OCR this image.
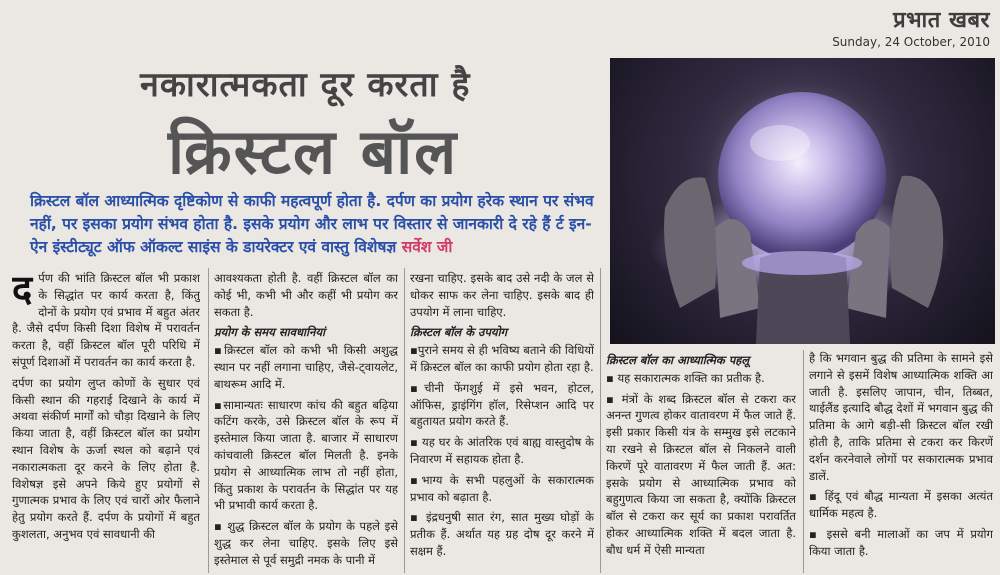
प्रभात खबर
Sunday, 24 October, 2010
नकारात्मकता दूर करता है
क्रिस्टल बॉल
क्रिस्टल बॉल आध्यात्मिक दृष्टिकोण से काफी महत्वपूर्ण होता है. दर्पण का प्रयोग हरेक स्थान पर संभव नहीं, पर इसका प्रयोग संभव होता है. इसके प्रयोग और लाभ पर विस्तार से जानकारी दे रहे हैं र्ट इन-ऐन इंस्टीट्यूट ऑफ ऑकल्ट साइंस के डायरेक्टर एवं वास्तु विशेषज्ञ सर्वेश जी
द र्पण की भांति क्रिस्टल बॉल भी प्रकाश के सिद्धांत पर कार्य करता है, किंतु दोनों के प्रयोग एवं प्रभाव में बहुत अंतर है. जैसे दर्पण किसी दिशा विशेष में परावर्तन करता है, वहीं क्रिस्टल बॉल पूरी परिधि में संपूर्ण दिशाओं में परावर्तन का कार्य करता है.

दर्पण का प्रयोग लुप्त कोणों के सुधार एवं किसी स्थान की गहराई दिखाने के कार्य में अथवा संकीर्ण मार्गों को चौड़ा दिखाने के लिए किया जाता है, वहीं क्रिस्टल बॉल का प्रयोग स्थान विशेष के ऊर्जा स्थल को बढ़ाने एवं नकारात्मकता दूर करने के लिए होता है. विशेषज्ञ इसे अपने किये हुए प्रयोगों से गुणात्मक प्रभाव के लिए एवं चारों ओर फैलाने हेतु प्रयोग करते हैं. दर्पण के प्रयोगों में बहुत कुशलता, अनुभव एवं सावधानी की

आवश्यकता होती है. वहीं क्रिस्टल बॉल का कोई भी, कभी भी और कहीं भी प्रयोग कर सकता है.

प्रयोग के समय सावधानियां

▪क्रिस्टल बॉल को कभी भी किसी अशुद्ध स्थान पर नहीं लगाना चाहिए, जैसे-ट्वायलेट, बाथरूम आदि में.

▪सामान्यतः साधारण कांच की बहुत बढ़िया कटिंग करके, उसे क्रिस्टल बॉल के रूप में इस्तेमाल किया जाता है. बाजार में साधारण कांचवाली क्रिस्टल बॉल मिलती है. इनके प्रयोग से आध्यात्मिक लाभ तो नहीं होता, किंतु प्रकाश के परावर्तन के सिद्धांत पर यह भी प्रभावी कार्य करता है.

▪ शुद्ध क्रिस्टल बॉल के प्रयोग के पहले इसे शुद्ध कर लेना चाहिए. इसके लिए इसे इस्तेमाल से पूर्व समुद्री नमक के पानी में

रखना चाहिए. इसके बाद उसे नदी के जल से धोकर साफ कर लेना चाहिए. इसके बाद ही उपयोग में लाना चाहिए.

क्रिस्टल बॉल के उपयोग

▪पुराने समय से ही भविष्य बताने की विधियों में क्रिस्टल बॉल का काफी प्रयोग होता रहा है.

▪चीनी फेंगशुई में इसे भवन, होटल, ऑफिस, ड्राइंगिंग हॉल, रिसेप्शन आदि पर बहुतायत प्रयोग करते हैं.

▪ यह घर के आंतरिक एवं बाह्य वास्तुदोष के निवारण में सहायक होता है.

▪भाग्य के सभी पहलुओं के सकारात्मक प्रभाव को बढ़ाता है.

▪ इंद्रधनुषी सात रंग, सात मुख्य घोड़ों के प्रतीक हैं. अर्थात यह ग्रह दोष दूर करने में सक्षम हैं.

क्रिस्टल बॉल का आध्यात्मिक पहलू

▪ यह सकारात्मक शक्ति का प्रतीक है.

▪ मंत्रों के शब्द क्रिस्टल बॉल से टकरा कर अनन्त गुणत्व होकर वातावरण में फैल जाते हैं. इसी प्रकार किसी यंत्र के सम्मुख इसे लटकाने या रखने से क्रिस्टल बॉल से निकलने वाली किरणें पूरे वातावरण में फैल जाती हैं. अत: इसके प्रयोग से आध्यात्मिक प्रभाव को बहुगुणत्व किया जा सकता है, क्योंकि क्रिस्टल बॉल से टकरा कर सूर्य का प्रकाश परावर्तित होकर आध्यात्मिक शक्ति में बदल जाता है. बौध धर्म में ऐसी मान्यता

है कि भगवान बुद्ध की प्रतिमा के सामने इसे लगाने से इसमें विशेष आध्यात्मिक शक्ति आ जाती है. इसलिए जापान, चीन, तिब्बत, थाईलैंड इत्यादि बौद्ध देशों में भगवान बुद्ध की प्रतिमा के आगे बड़ी-सी क्रिस्टल बॉल रखी होती है, ताकि प्रतिमा से टकरा कर किरणें दर्शन करनेवाले लोगों पर सकारात्मक प्रभाव डालें.

▪ हिंदू एवं बौद्ध मान्यता में इसका अत्यंत धार्मिक महत्व है.

▪ इससे बनी मालाओं का जप में प्रयोग किया जाता है.
